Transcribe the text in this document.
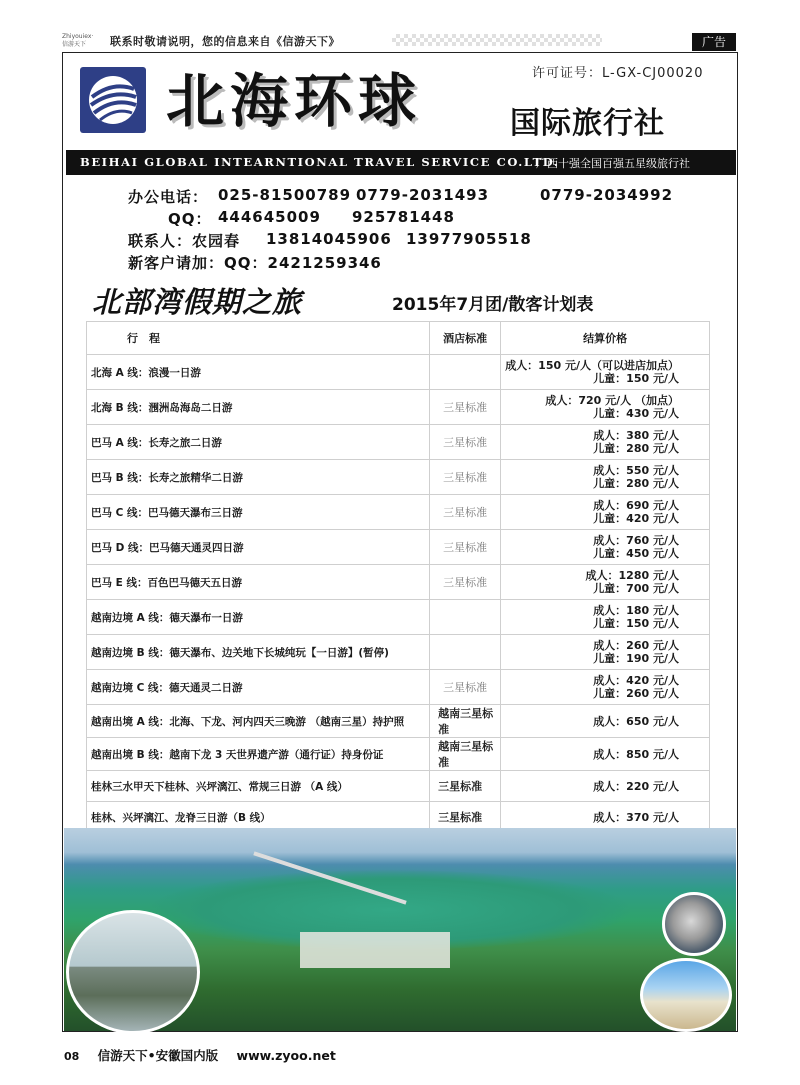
Zhiyouiex· 信游天下	联系时敬请说明，您的信息来自《信游天下》	广告
北海环球	国际旅行社
许可证号：L-GX-CJ00020
BEIHAI GLOBAL INTEARNTIONAL TRAVEL SERVICE CO.LTD.
广西十强全国百强五星级旅行社
办公电话： 025-81500789 0779-2031493	0779-2034992
QQ： 444645009 925781448
联系人：农园春 13814045906 13977905518
新客户请加：QQ：2421259346
北部湾假期之旅	2015年7月团/散客计划表
行　程	酒店标准	结算价格
北海 A 线：浪漫一日游		成人：150 元/人（可以进店加点）
儿童：150 元/人

北海 B 线：涠洲岛海岛二日游	三星标准	成人：720 元/人 （加点）
儿童：430 元/人

巴马 A 线：长寿之旅二日游	三星标准	成人：380 元/人
儿童：280 元/人

巴马 B 线：长寿之旅精华二日游	三星标准	成人：550 元/人
儿童：280 元/人

巴马 C 线：巴马德天瀑布三日游	三星标准	成人：690 元/人
儿童：420 元/人

巴马 D 线：巴马德天通灵四日游	三星标准	成人：760 元/人
儿童：450 元/人

巴马 E 线：百色巴马德天五日游	三星标准	成人：1280 元/人
儿童：700 元/人

越南边境 A 线：德天瀑布一日游		成人：180 元/人
儿童：150 元/人

越南边境 B 线：德天瀑布、边关地下长城纯玩【一日游】(暂停)		成人：260 元/人
儿童：190 元/人

越南边境 C 线：德天通灵二日游	三星标准	成人：420 元/人
儿童：260 元/人

越南出境 A 线：北海、下龙、河内四天三晚游 （越南三星）持护照	越南三星标准	成人：650 元/人

越南出境 B 线：越南下龙 3 天世界遗产游（通行证）持身份证	越南三星标准	成人：850 元/人

桂林三水甲天下桂林、兴坪漓江、常规三日游 （A 线）	三星标准	成人：220 元/人

桂林、兴坪漓江、龙脊三日游（B 线）	三星标准	成人：370 元/人

08 信游天下•安徽国内版 www.zyoo.net
